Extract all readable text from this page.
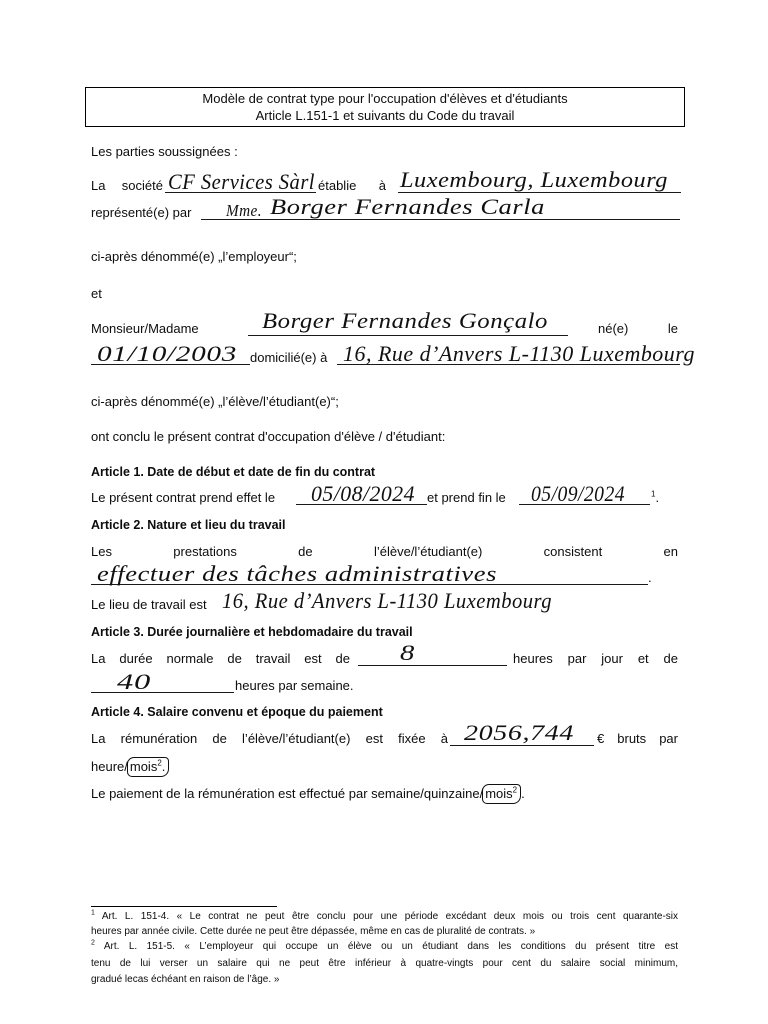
Modèle de contrat type pour l'occupation d'élèves et d'étudiants
Article L.151-1 et suivants du Code du travail
Les parties soussignées :
La société CF Services Sàrl établie à Luxembourg, Luxembourg
représenté(e) par Mme. Borger Fernandes Carla
ci-après dénommé(e) „l’employeur“;
et
Monsieur/Madame	Borger Fernandes Gonçalo	né(e) le
01/10/2003 domicilié(e) à 16, Rue d’Anvers L-1130 Luxembourg
ci-après dénommé(e) „l’élève/l’étudiant(e)“;
ont conclu le présent contrat d'occupation d'élève / d'étudiant:
Article 1. Date de début et date de fin du contrat
Le présent contrat prend effet le 05/08/2024 et prend fin le 05/09/2024	$^1$.
Article 2. Nature et lieu du travail
Les prestations de l’élève/l’étudiant(e) consistent en
effectuer des tâches administratives	.
Le lieu de travail est 16, Rue d’Anvers L-1130 Luxembourg
Article 3. Durée journalière et hebdomadaire du travail
La durée normale de travail est de 8	heures par jour et de
40	heures par semaine.
Article 4. Salaire convenu et époque du paiement
La rémunération de l’élève/l’étudiant(e) est fixée à 2056,744 € bruts par
heure/ mois$^2$.
Le paiement de la rémunération est effectué par semaine/quinzaine/ mois$^2$ .
$^1$ Art. L. 151-4. « Le contrat ne peut être conclu pour une période excédant deux mois ou trois cent quarante-six
heures par année civile. Cette durée ne peut être dépassée, même en cas de pluralité de contrats. »
$^2$ Art. L. 151-5. « L’employeur qui occupe un élève ou un étudiant dans les conditions du présent titre est
tenu de lui verser un salaire qui ne peut être inférieur à quatre-vingts pour cent du salaire social minimum,
gradué lecas échéant en raison de l’âge. »
